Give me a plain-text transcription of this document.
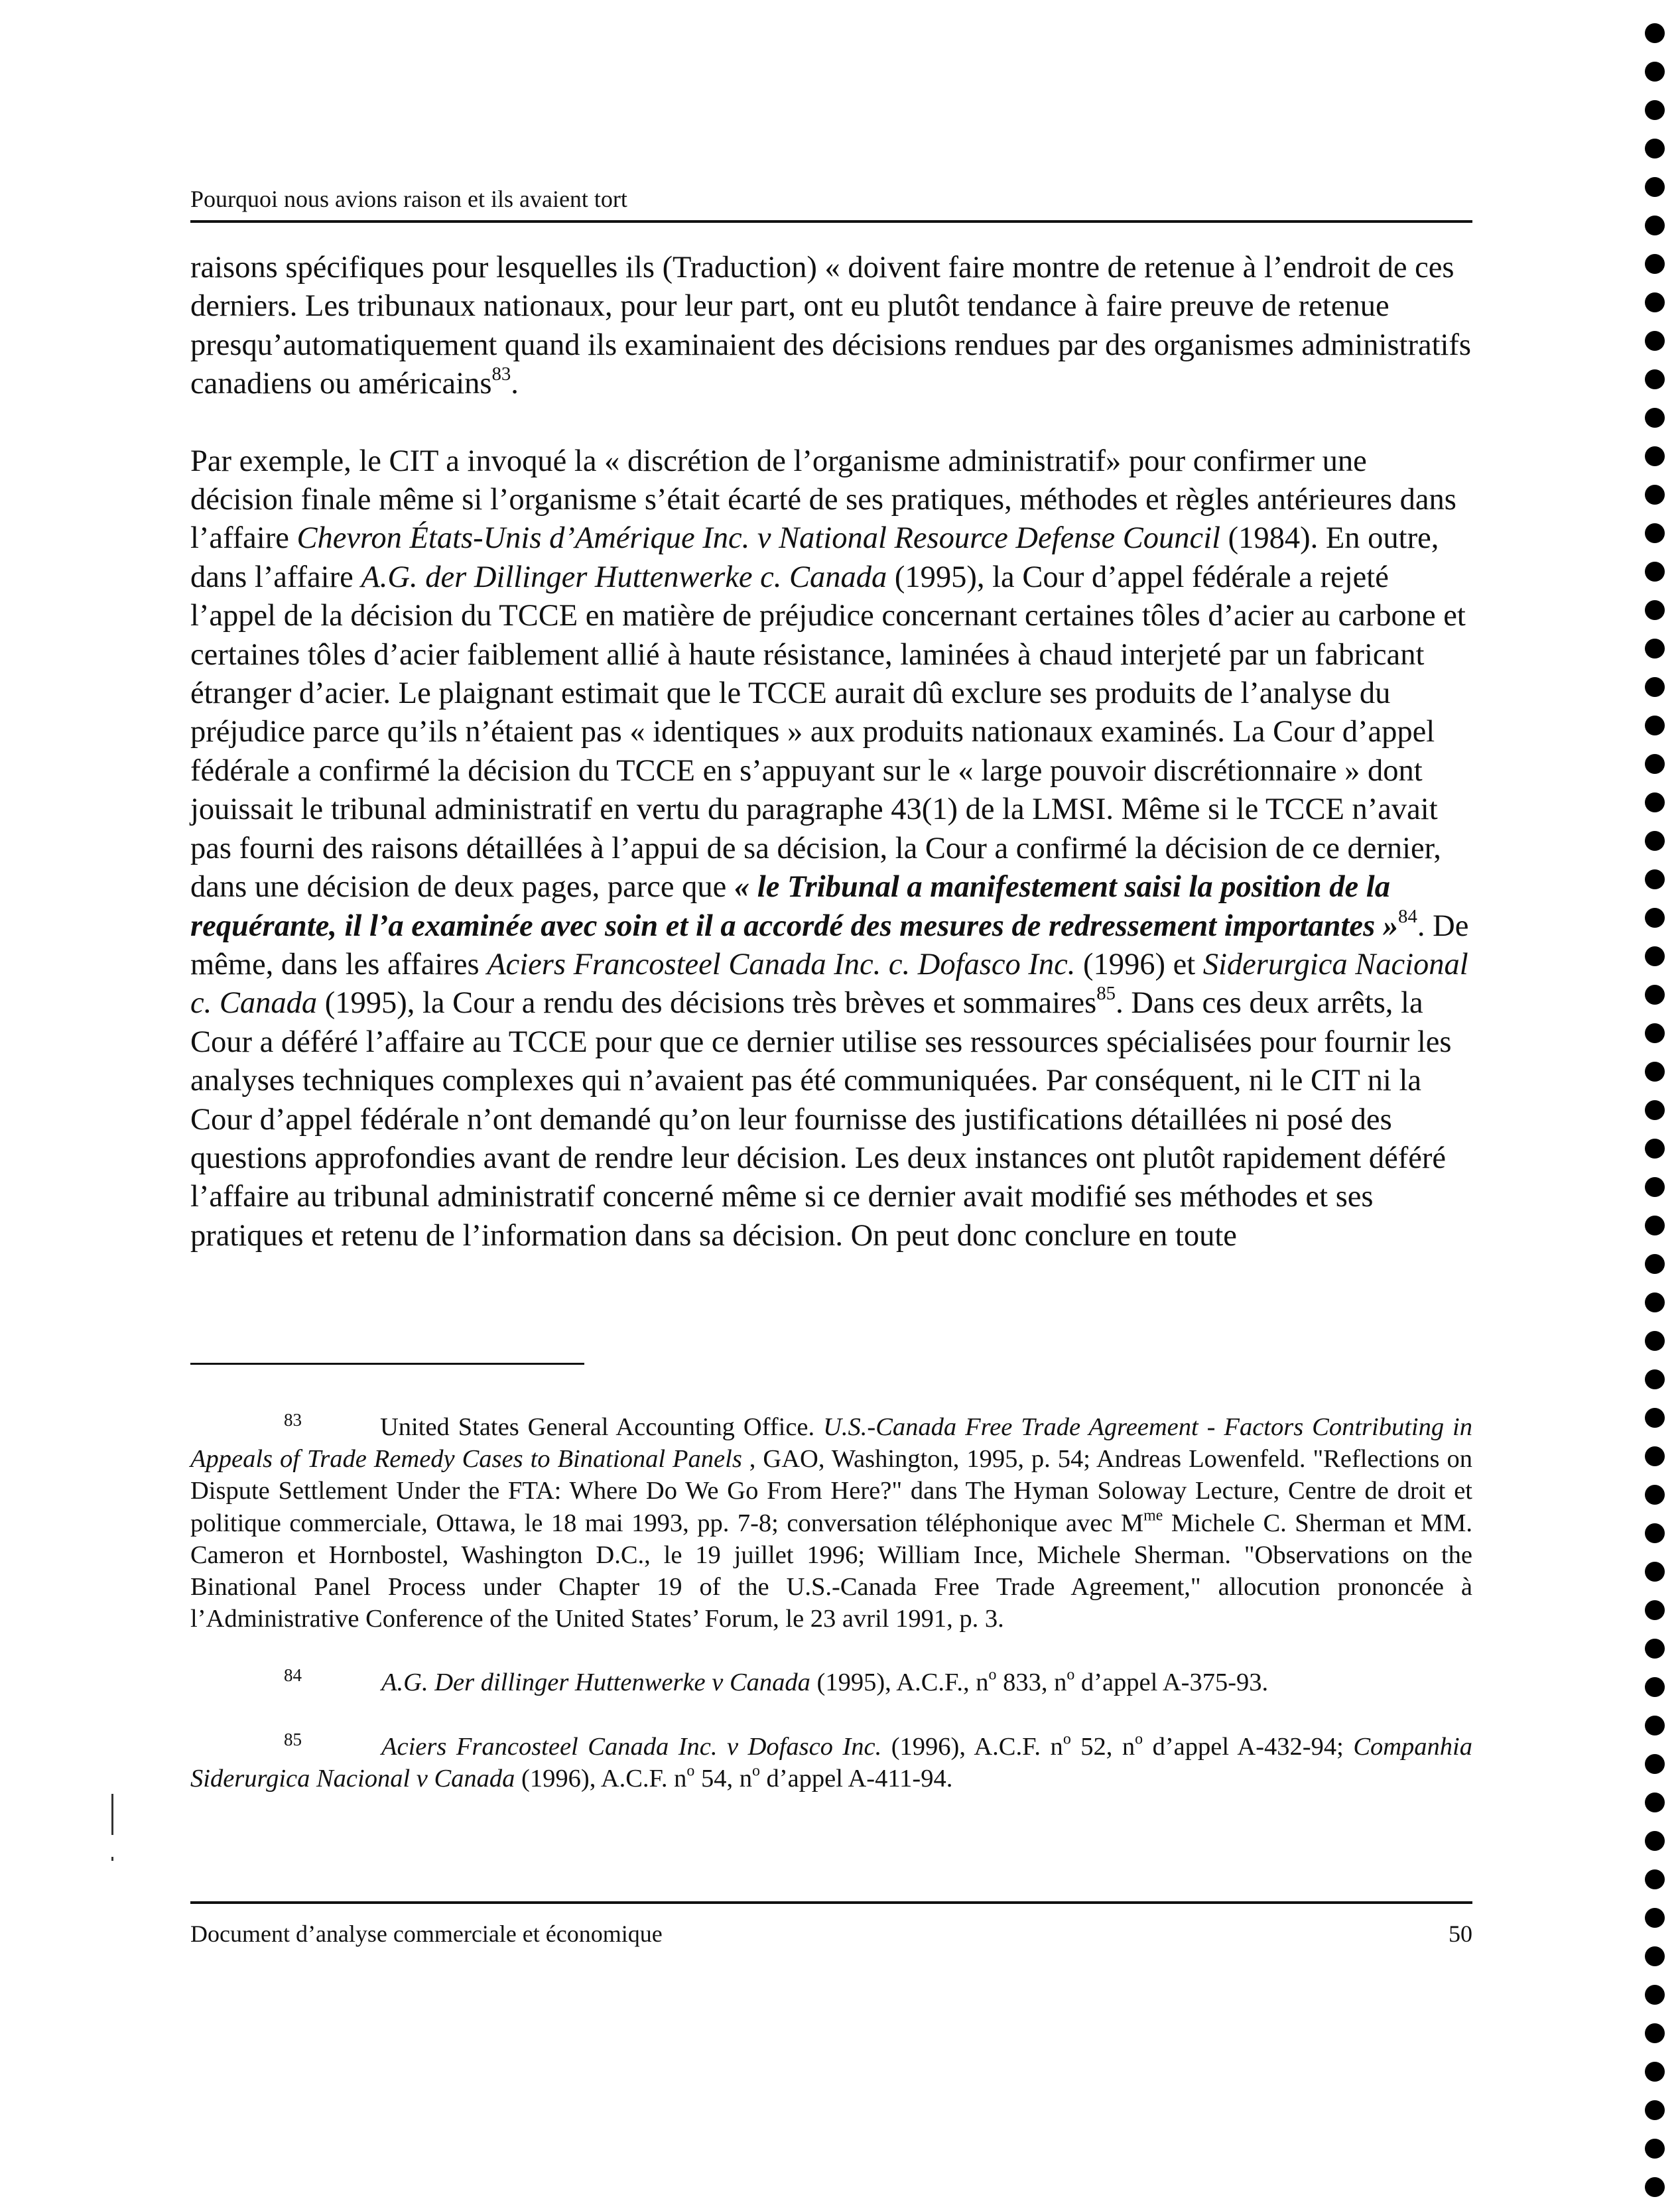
Pourquoi nous avions raison et ils avaient tort

raisons spécifiques pour lesquelles ils (Traduction) « doivent faire montre de retenue à l’endroit de ces derniers. Les tribunaux nationaux, pour leur part, ont eu plutôt tendance à faire preuve de retenue presqu’automatiquement quand ils examinaient des décisions rendues par des organismes administratifs canadiens ou américains$^{83}$.

Par exemple, le CIT a invoqué la « discrétion de l’organisme administratif» pour confirmer une décision finale même si l’organisme s’était écarté de ses pratiques, méthodes et règles antérieures dans l’affaire Chevron États-Unis d’Amérique Inc. v National Resource Defense Council (1984). En outre, dans l’affaire A.G. der Dillinger Huttenwerke c. Canada (1995), la Cour d’appel fédérale a rejeté l’appel de la décision du TCCE en matière de préjudice concernant certaines tôles d’acier au carbone et certaines tôles d’acier faiblement allié à haute résistance, laminées à chaud interjeté par un fabricant étranger d’acier. Le plaignant estimait que le TCCE aurait dû exclure ses produits de l’analyse du préjudice parce qu’ils n’étaient pas « identiques » aux produits nationaux examinés. La Cour d’appel fédérale a confirmé la décision du TCCE en s’appuyant sur le « large pouvoir discrétionnaire » dont jouissait le tribunal administratif en vertu du paragraphe 43(1) de la LMSI. Même si le TCCE n’avait pas fourni des raisons détaillées à l’appui de sa décision, la Cour a confirmé la décision de ce dernier, dans une décision de deux pages, parce que « le Tribunal a manifestement saisi la position de la requérante, il l’a examinée avec soin et il a accordé des mesures de redressement importantes »$^{84}$. De même, dans les affaires Aciers Francosteel Canada Inc. c. Dofasco Inc. (1996) et Siderurgica Nacional c. Canada (1995), la Cour a rendu des décisions très brèves et sommaires$^{85}$. Dans ces deux arrêts, la Cour a déféré l’affaire au TCCE pour que ce dernier utilise ses ressources spécialisées pour fournir les analyses techniques complexes qui n’avaient pas été communiquées. Par conséquent, ni le CIT ni la Cour d’appel fédérale n’ont demandé qu’on leur fournisse des justifications détaillées ni posé des questions approfondies avant de rendre leur décision. Les deux instances ont plutôt rapidement déféré l’affaire au tribunal administratif concerné même si ce dernier avait modifié ses méthodes et ses pratiques et retenu de l’information dans sa décision. On peut donc conclure en toute

83	United States General Accounting Office. U.S.-Canada Free Trade Agreement - Factors Contributing in Appeals of Trade Remedy Cases to Binational Panels , GAO, Washington, 1995, p. 54; Andreas Lowenfeld. "Reflections on Dispute Settlement Under the FTA: Where Do We Go From Here?" dans The Hyman Soloway Lecture, Centre de droit et politique commerciale, Ottawa, le 18 mai 1993, pp. 7-8; conversation téléphonique avec $M^{me}$ Michele C. Sherman et MM. Cameron et Hornbostel, Washington D.C., le 19 juillet 1996; William Ince, Michele Sherman. "Observations on the Binational Panel Process under Chapter 19 of the U.S.-Canada Free Trade Agreement," allocution prononcée à l’Administrative Conference of the United States’ Forum, le 23 avril 1991, p. 3.

84	A.G. Der dillinger Huttenwerke v Canada (1995), A.C.F., $n^o$ 833, $n^o$ d’appel A-375-93.

85	Aciers Francosteel Canada Inc. v Dofasco Inc. (1996), A.C.F. $n^o$ 52, $n^o$ d’appel A-432-94; Companhia Siderurgica Nacional v Canada (1996), A.C.F. $n^o$ 54, $n^o$ d’appel A-411-94.

Document d’analyse commerciale et économique	50
